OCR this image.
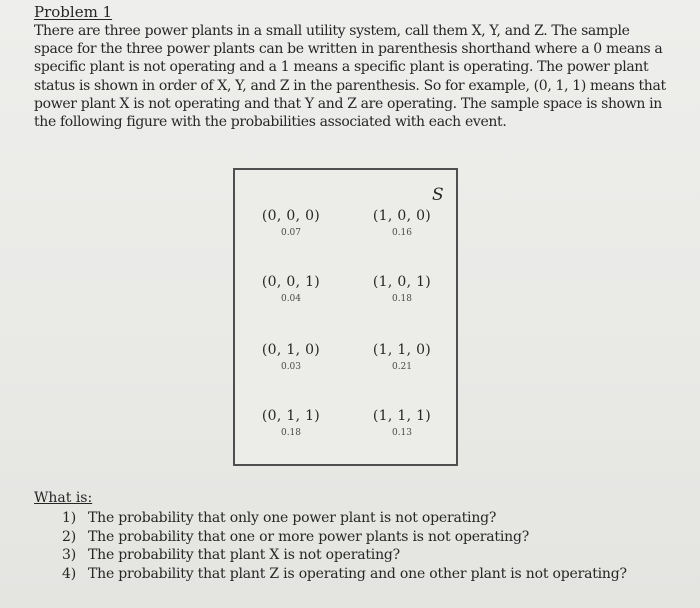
Problem 1

There are three power plants in a small utility system, call them X, Y, and Z. The sample space for the three power plants can be written in parenthesis shorthand where a 0 means a specific plant is not operating and a 1 means a specific plant is operating. The power plant status is shown in order of X, Y, and Z in the parenthesis. So for example, (0, 1, 1) means that power plant X is not operating and that Y and Z are operating. The sample space is shown in the following figure with the probabilities associated with each event.

S
(0, 0, 0)
0.07
(1, 0, 0)
0.16
(0, 0, 1)
0.04
(1, 0, 1)
0.18
(0, 1, 0)
0.03
(1, 1, 0)
0.21
(0, 1, 1)
0.18
(1, 1, 1)
0.13
What is:
1) The probability that only one power plant is not operating?
2) The probability that one or more power plants is not operating?
3) The probability that plant X is not operating?
4) The probability that plant Z is operating and one other plant is not operating?
